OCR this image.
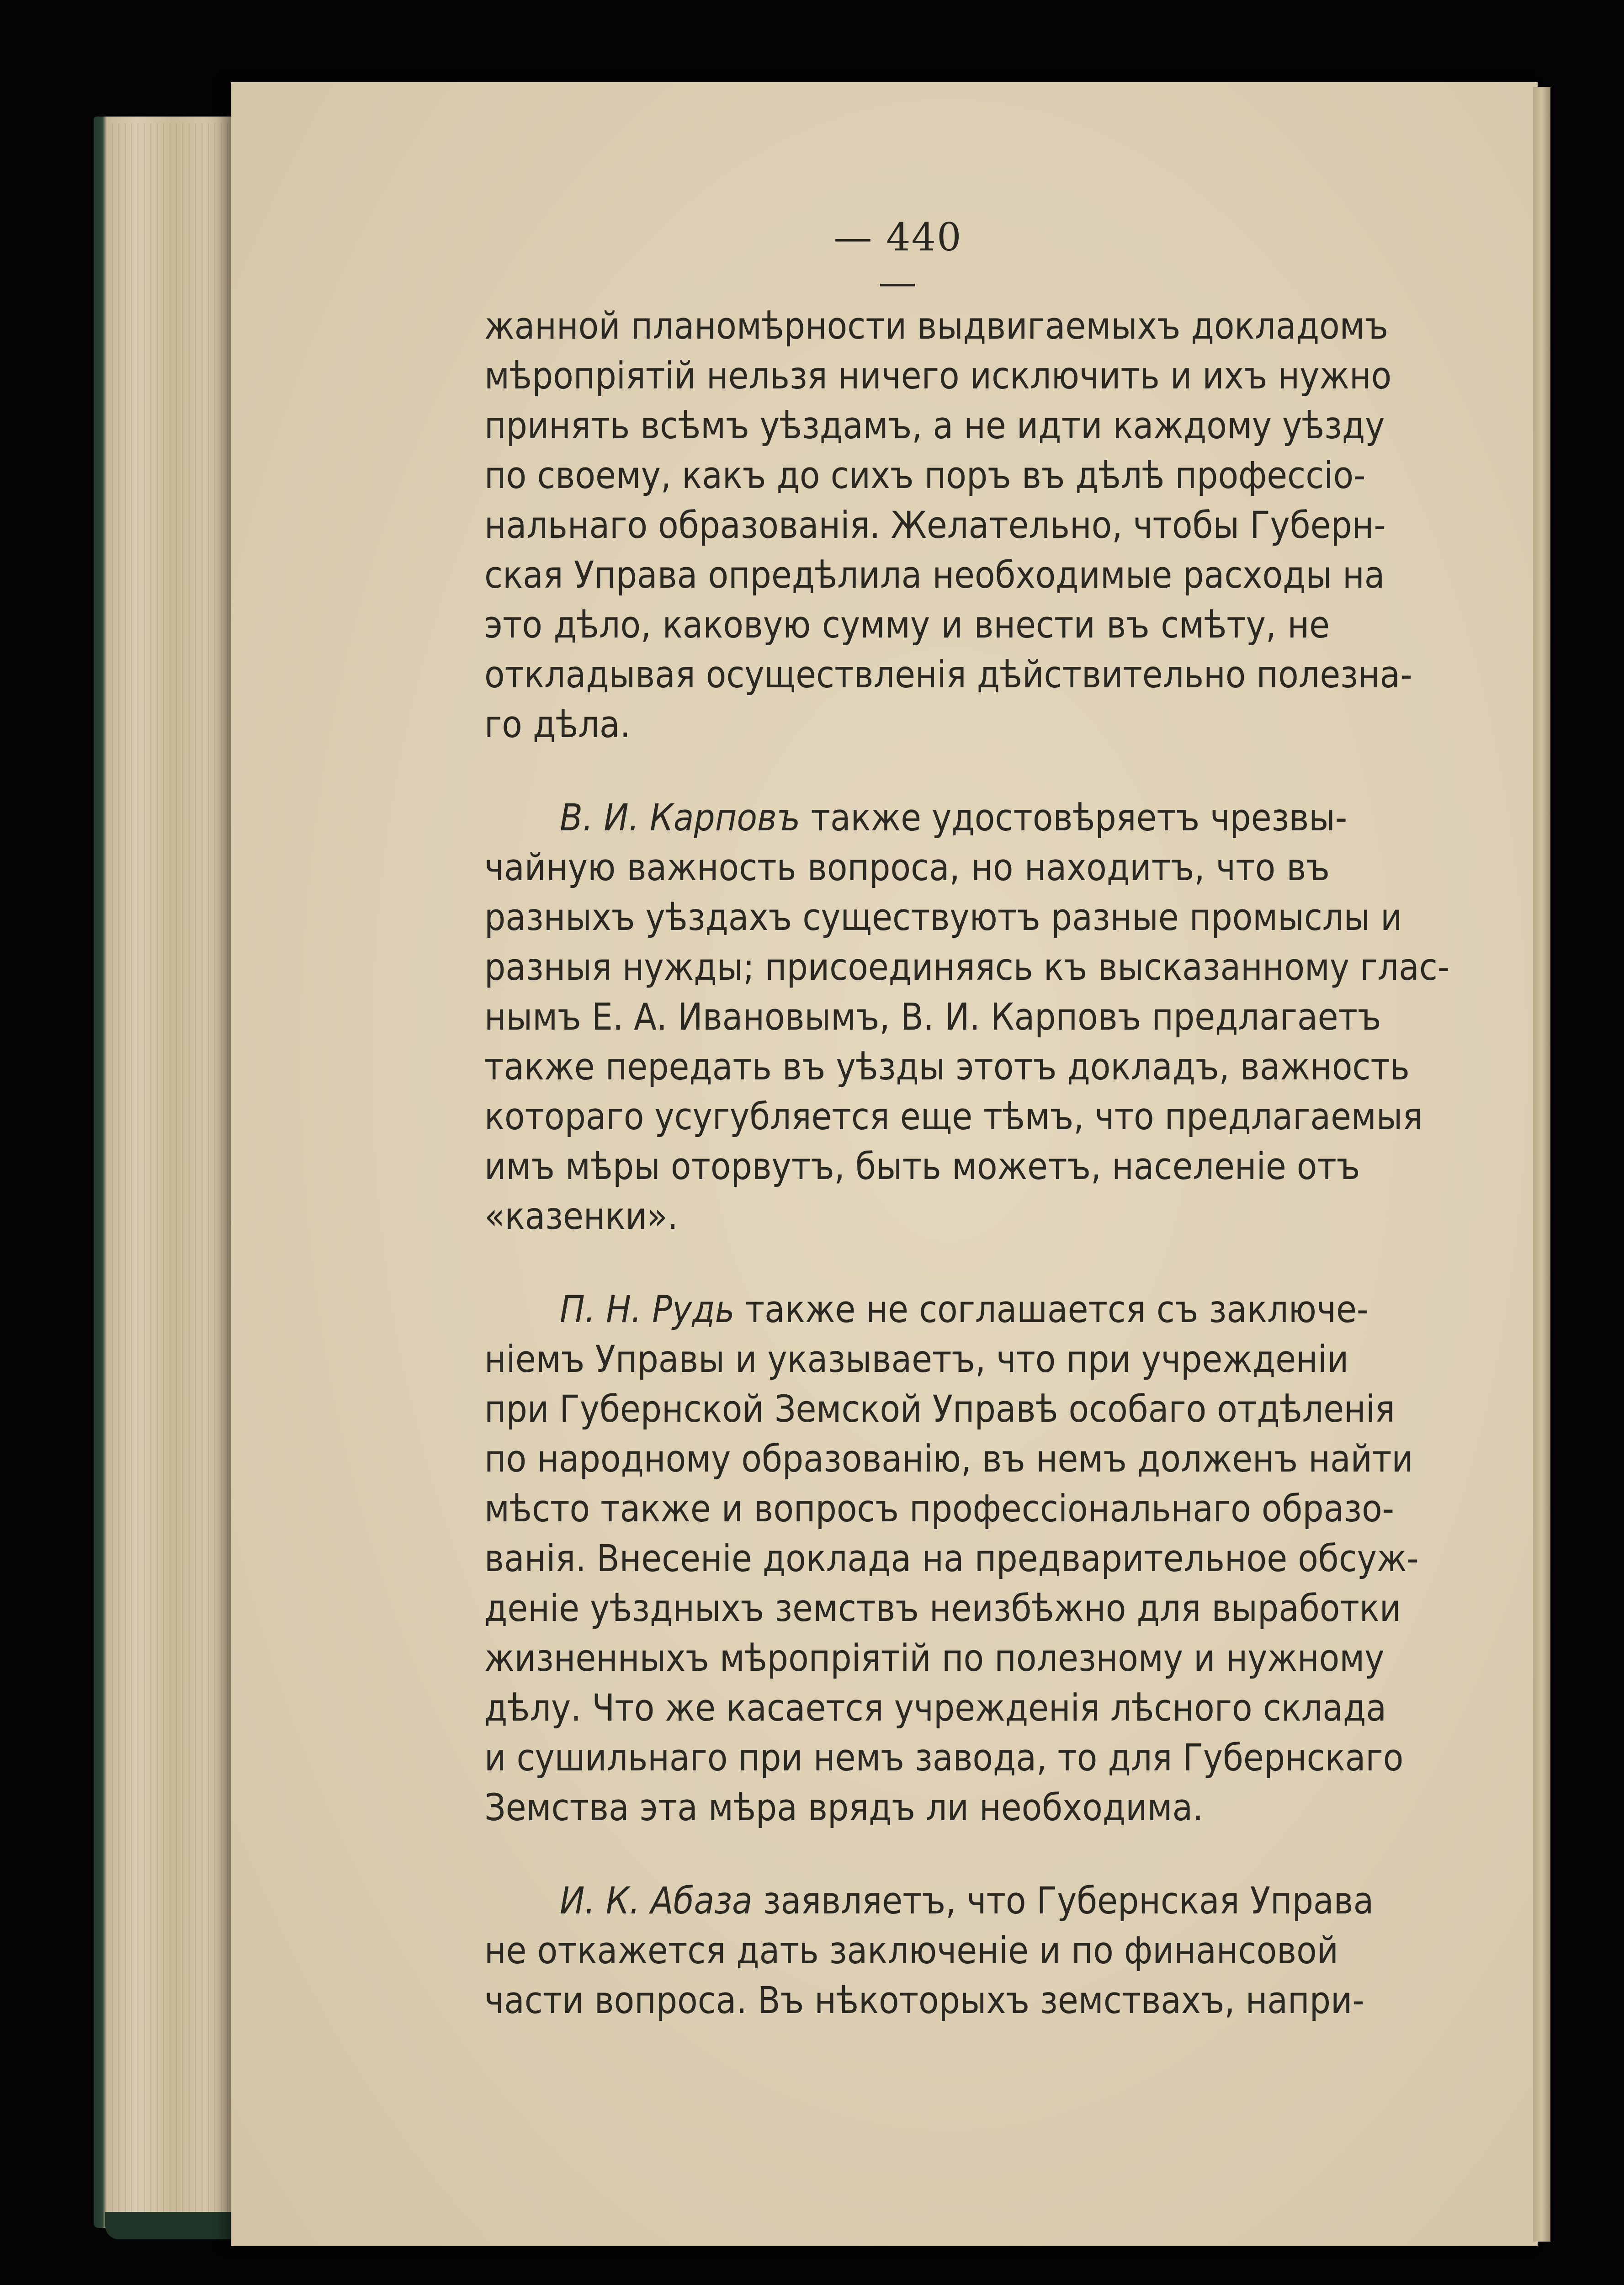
— 440 —
жанной планомѣрности выдвигаемыхъ докладомъ
мѣропріятій нельзя ничего исключить и ихъ нужно
принять всѣмъ уѣздамъ, а не идти каждому уѣзду
по своему, какъ до сихъ поръ въ дѣлѣ профессіо-
нальнаго образованія. Желательно, чтобы Губерн-
ская Управа опредѣлила необходимые расходы на
это дѣло, каковую сумму и внести въ смѣту, не
откладывая осуществленія дѣйствительно полезна-
го дѣла.
В. И. Карповъ также удостовѣряетъ чрезвы-
чайную важность вопроса, но находитъ, что въ
разныхъ уѣздахъ существуютъ разные промыслы и
разныя нужды; присоединяясь къ высказанному глас-
нымъ Е. А. Ивановымъ, В. И. Карповъ предлагаетъ
также передать въ уѣзды этотъ докладъ, важность
котораго усугубляется еще тѣмъ, что предлагаемыя
имъ мѣры оторвутъ, быть можетъ, населеніе отъ
«казенки».
П. Н. Рудь также не соглашается съ заключе-
ніемъ Управы и указываетъ, что при учрежденіи
при Губернской Земской Управѣ особаго отдѣленія
по народному образованію, въ немъ долженъ найти
мѣсто также и вопросъ профессіональнаго образо-
ванія. Внесеніе доклада на предварительное обсуж-
деніе уѣздныхъ земствъ неизбѣжно для выработки
жизненныхъ мѣропріятій по полезному и нужному
дѣлу. Что же касается учрежденія лѣсного склада
и сушильнаго при немъ завода, то для Губернскаго
Земства эта мѣра врядъ ли необходима.
И. К. Абаза заявляетъ, что Губернская Управа
не откажется дать заключеніе и по финансовой
части вопроса. Въ нѣкоторыхъ земствахъ, напри-
